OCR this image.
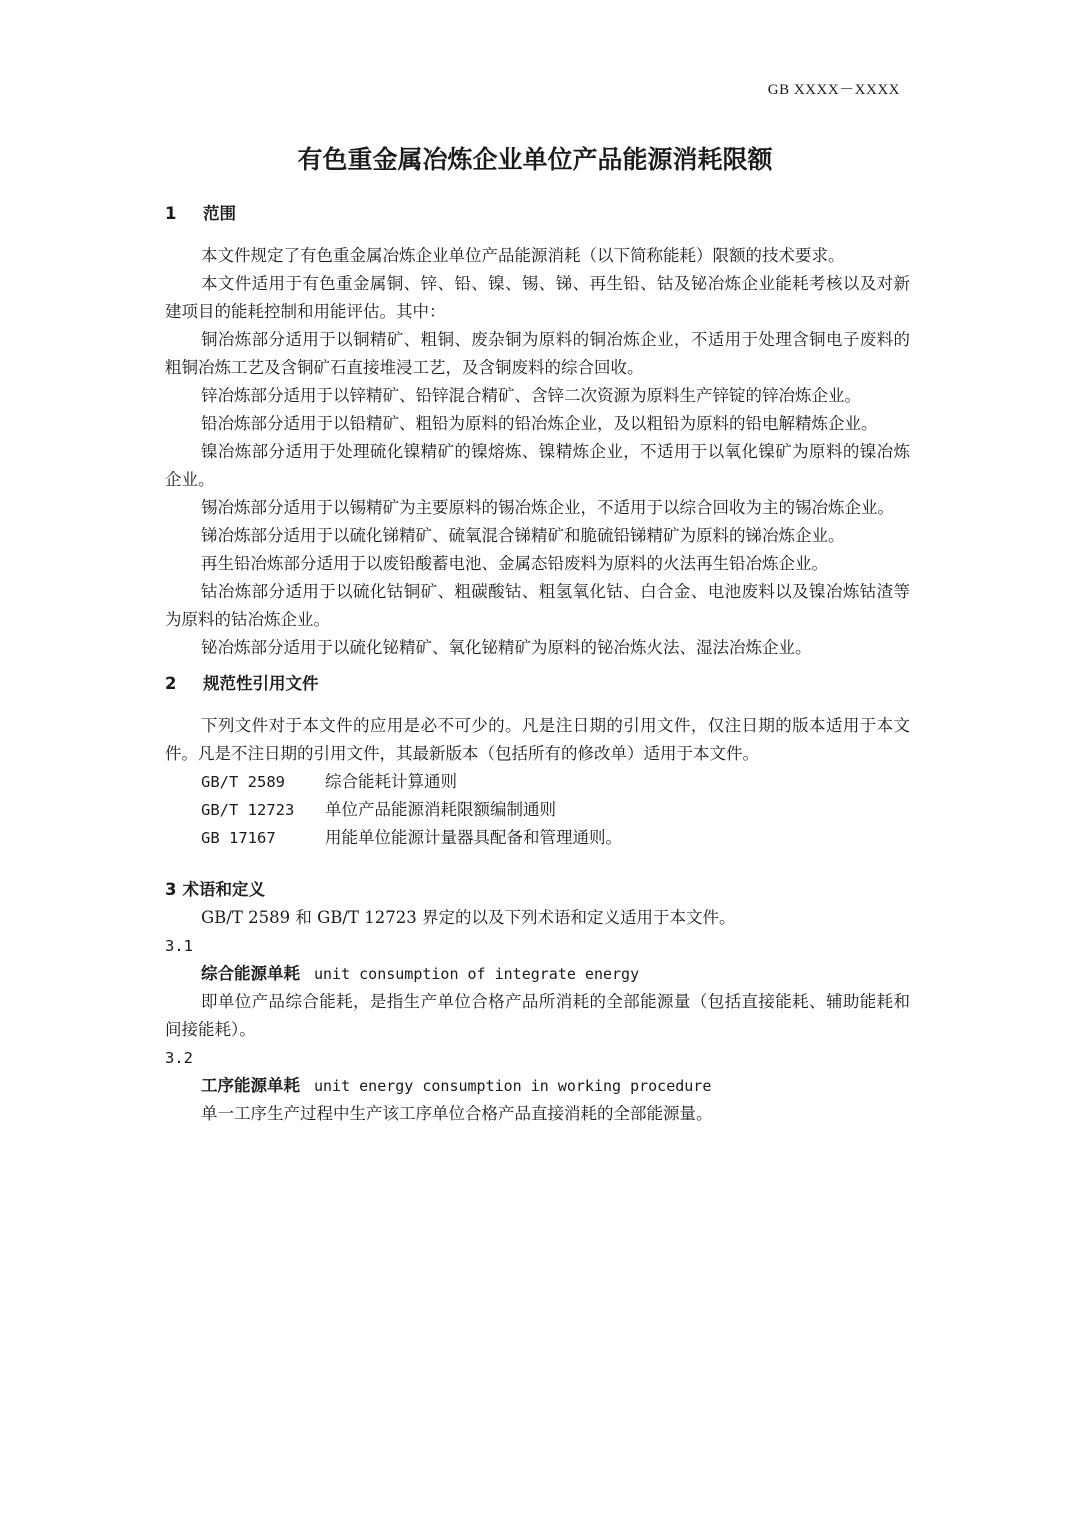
GB XXXX－XXXX
有色重金属冶炼企业单位产品能源消耗限额
1	范围

本文件规定了有色重金属冶炼企业单位产品能源消耗（以下简称能耗）限额的技术要求。

本文件适用于有色重金属铜、锌、铅、镍、锡、锑、再生铅、钴及铋冶炼企业能耗考核以及对新建项目的能耗控制和用能评估。其中：

铜冶炼部分适用于以铜精矿、粗铜、废杂铜为原料的铜冶炼企业，不适用于处理含铜电子废料的粗铜冶炼工艺及含铜矿石直接堆浸工艺，及含铜废料的综合回收。

锌冶炼部分适用于以锌精矿、铅锌混合精矿、含锌二次资源为原料生产锌锭的锌冶炼企业。

铅冶炼部分适用于以铅精矿、粗铅为原料的铅冶炼企业，及以粗铅为原料的铅电解精炼企业。

镍冶炼部分适用于处理硫化镍精矿的镍熔炼、镍精炼企业，不适用于以氧化镍矿为原料的镍冶炼企业。

锡冶炼部分适用于以锡精矿为主要原料的锡冶炼企业，不适用于以综合回收为主的锡冶炼企业。

锑冶炼部分适用于以硫化锑精矿、硫氧混合锑精矿和脆硫铅锑精矿为原料的锑冶炼企业。

再生铅冶炼部分适用于以废铅酸蓄电池、金属态铅废料为原料的火法再生铅冶炼企业。

钴冶炼部分适用于以硫化钴铜矿、粗碳酸钴、粗氢氧化钴、白合金、电池废料以及镍冶炼钴渣等为原料的钴冶炼企业。

铋冶炼部分适用于以硫化铋精矿、氧化铋精矿为原料的铋冶炼火法、湿法冶炼企业。

2	规范性引用文件

下列文件对于本文件的应用是必不可少的。凡是注日期的引用文件，仅注日期的版本适用于本文件。凡是不注日期的引用文件，其最新版本（包括所有的修改单）适用于本文件。

GB/T 2589	综合能耗计算通则
GB/T 12723	单位产品能源消耗限额编制通则
GB 17167	用能单位能源计量器具配备和管理通则。
3 术语和定义

GB/T 2589 和 GB/T 12723 界定的以及下列术语和定义适用于本文件。

3.1
综合能源单耗 unit consumption of integrate energy

即单位产品综合能耗，是指生产单位合格产品所消耗的全部能源量（包括直接能耗、辅助能耗和间接能耗）。

3.2
工序能源单耗 unit energy consumption in working procedure

单一工序生产过程中生产该工序单位合格产品直接消耗的全部能源量。
